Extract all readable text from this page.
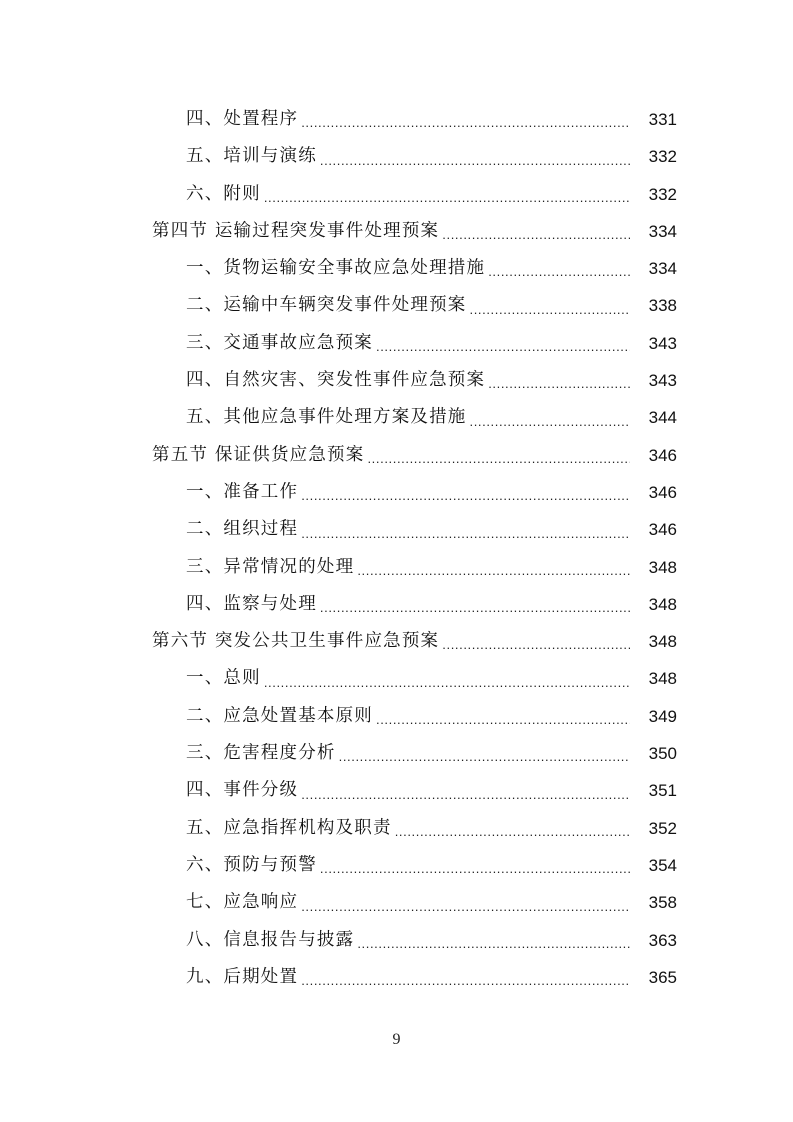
四、处置程序 .....	331
五、培训与演练 .....	332
六、附则 .....	332
第四节 运输过程突发事件处理预案 .....	334
一、货物运输安全事故应急处理措施 .....	334
二、运输中车辆突发事件处理预案 .....	338
三、交通事故应急预案 .....	343
四、自然灾害、突发性事件应急预案 .....	343
五、其他应急事件处理方案及措施 .....	344
第五节 保证供货应急预案 .....	346
一、准备工作 .....	346
二、组织过程 .....	346
三、异常情况的处理 .....	348
四、监察与处理 .....	348
第六节 突发公共卫生事件应急预案 .....	348
一、总则 .....	348
二、应急处置基本原则 .....	349
三、危害程度分析 .....	350
四、事件分级 .....	351
五、应急指挥机构及职责 .....	352
六、预防与预警 .....	354
七、应急响应 .....	358
八、信息报告与披露 .....	363
九、后期处置 .....	365
9
